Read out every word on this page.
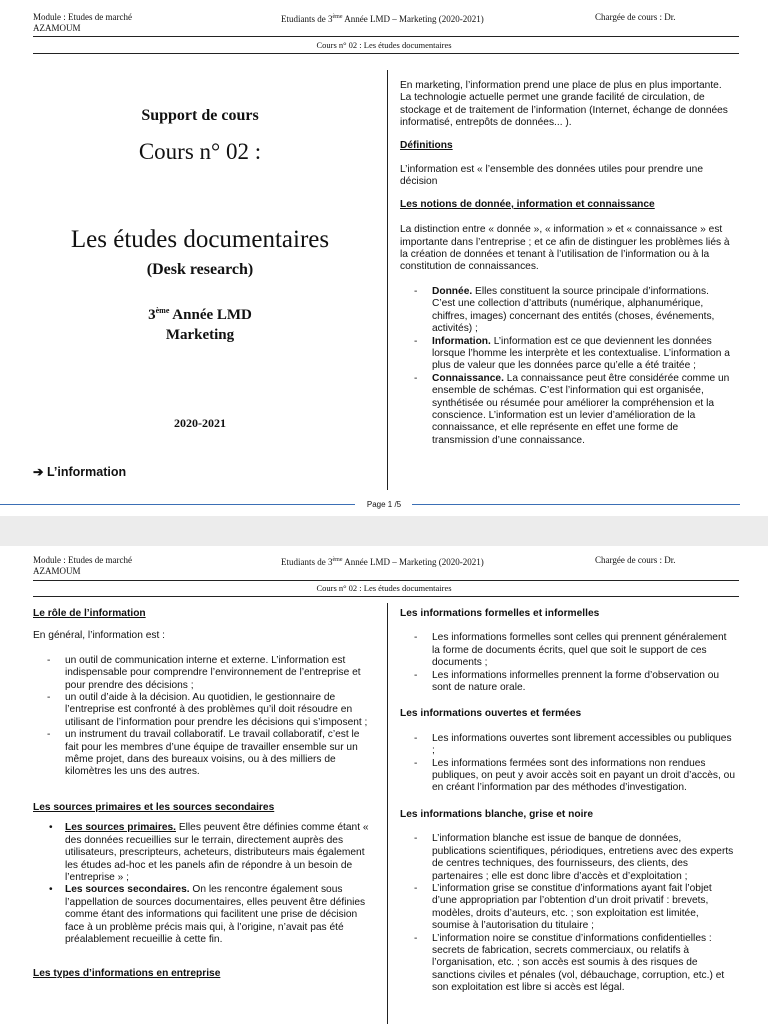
Module : Etudes de marché
AZAMOUM
Etudiants de 3ème Année LMD – Marketing (2020-2021)	Chargée de cours : Dr.
Cours n° 02 : Les études documentaires
Support de cours
Cours n° 02 :
Les études documentaires
(Desk research)
3ème Année LMD
Marketing
2020-2021
➔ L’information

En marketing, l’information prend une place de plus en plus importante. La technologie actuelle permet une grande facilité de circulation, de stockage et de traitement de l’information (Internet, échange de données informatisé, entrepôts de données... ).

Définitions

L’information est « l’ensemble des données utiles pour prendre une décision

Les notions de donnée, information et connaissance

La distinction entre « donnée », « information » et « connaissance » est importante dans l’entreprise ; et ce afin de distinguer les problèmes liés à la création de données et tenant à l’utilisation de l’information ou à la constitution de connaissances.

- Donnée. Elles constituent la source principale d’informations. C’est une collection d’attributs (numérique, alphanumérique, chiffres, images) concernant des entités (choses, événements, activités) ;
- Information. L’information est ce que deviennent les données lorsque l’homme les interprète et les contextualise. L’information a plus de valeur que les données parce qu’elle a été traitée ;
- Connaissance. La connaissance peut être considérée comme un ensemble de schémas. C’est l’information qui est organisée, synthétisée ou résumée pour améliorer la compréhension et la conscience. L’information est un levier d’amélioration de la connaissance, et elle représente en effet une forme de transmission d’une connaissance.
Page 1 /5
Module : Etudes de marché
AZAMOUM
Etudiants de 3ème Année LMD – Marketing (2020-2021)	Chargée de cours : Dr.
Cours n° 02 : Les études documentaires

Le rôle de l’information

En général, l’information est :

- un outil de communication interne et externe. L’information est indispensable pour comprendre l’environnement de l’entreprise et pour prendre des décisions ;
- un outil d’aide à la décision. Au quotidien, le gestionnaire de l’entreprise est confronté à des problèmes qu’il doit résoudre en utilisant de l’information pour prendre les décisions qui s’imposent ;
- un instrument du travail collaboratif. Le travail collaboratif, c’est le fait pour les membres d’une équipe de travailler ensemble sur un même projet, dans des bureaux voisins, ou à des milliers de kilomètres les uns des autres.

Les sources primaires et les sources secondaires

• Les sources primaires. Elles peuvent être définies comme étant « des données recueillies sur le terrain, directement auprès des utilisateurs, prescripteurs, acheteurs, distributeurs mais également les études ad-hoc et les panels afin de répondre à un besoin de l’entreprise » ;
• Les sources secondaires. On les rencontre également sous l’appellation de sources documentaires, elles peuvent être définies comme étant des informations qui facilitent une prise de décision face à un problème précis mais qui, à l’origine, n’avait pas été préalablement recueillie à cette fin.

Les types d’informations en entreprise

Les informations formelles et informelles

- Les informations formelles sont celles qui prennent généralement la forme de documents écrits, quel que soit le support de ces documents ;
- Les informations informelles prennent la forme d’observation ou sont de nature orale.

Les informations ouvertes et fermées

- Les informations ouvertes sont librement accessibles ou publiques ;
- Les informations fermées sont des informations non rendues publiques, on peut y avoir accès soit en payant un droit d’accès, ou en créant l’information par des méthodes d’investigation.

Les informations blanche, grise et noire

- L’information blanche est issue de banque de données, publications scientifiques, périodiques, entretiens avec des experts de centres techniques, des fournisseurs, des clients, des partenaires ; elle est donc libre d’accès et d’exploitation ;
- L’information grise se constitue d’informations ayant fait l’objet d’une appropriation par l’obtention d’un droit privatif : brevets, modèles, droits d’auteurs, etc. ; son exploitation est limitée, soumise à l’autorisation du titulaire ;
- L’information noire se constitue d’informations confidentielles : secrets de fabrication, secrets commerciaux, ou relatifs à l’organisation, etc. ; son accès est soumis à des risques de sanctions civiles et pénales (vol, débauchage, corruption, etc.) et son exploitation est libre si accès est légal.
